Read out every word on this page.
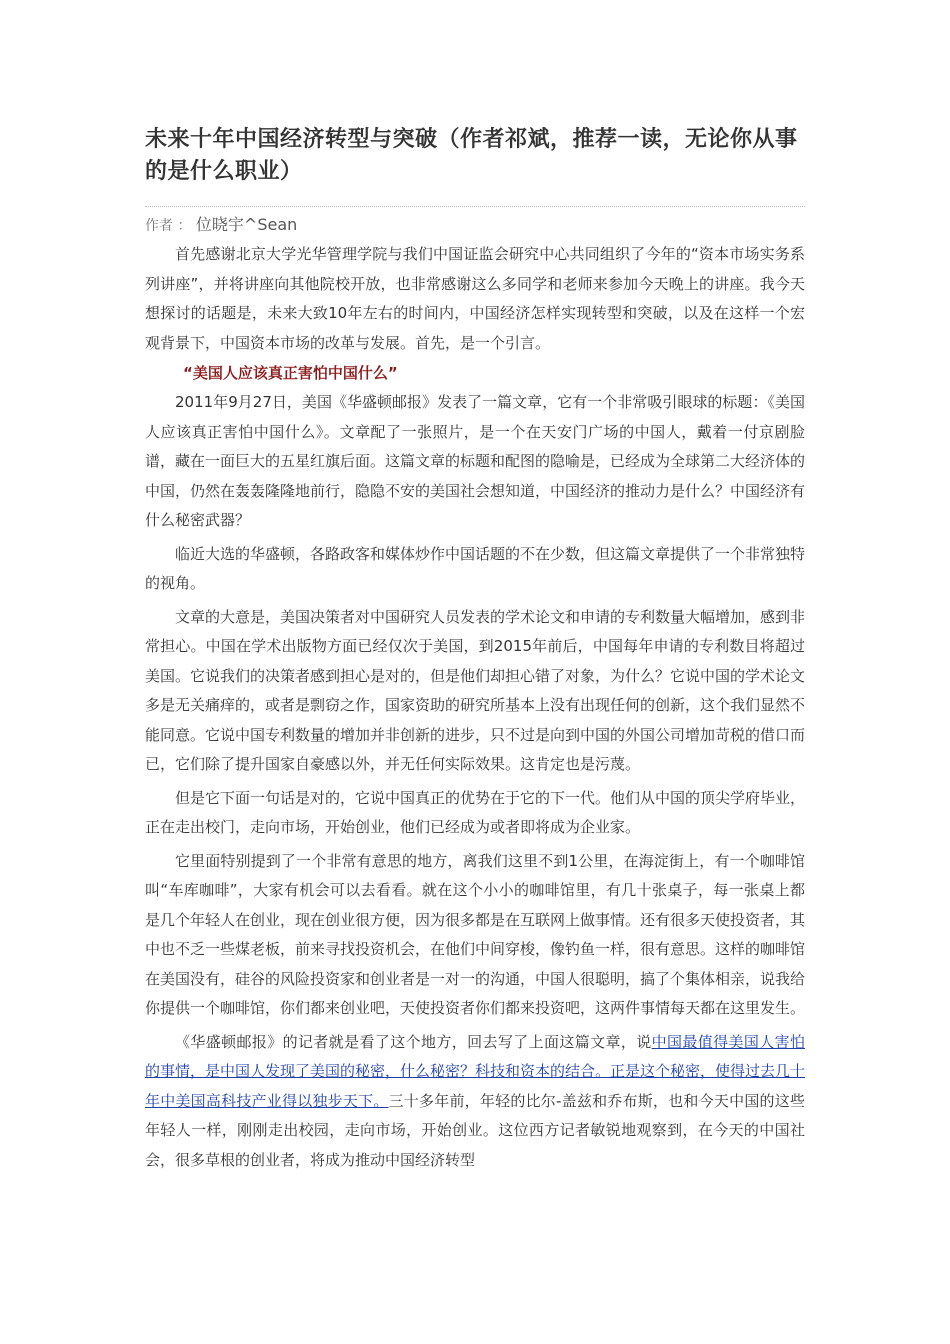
未来十年中国经济转型与突破（作者祁斌，推荐一读，无论你从事的是什么职业）
作者 ： 位晓宇^Sean

首先感谢北京大学光华管理学院与我们中国证监会研究中心共同组织了今年的“资本市场实务系列讲座”，并将讲座向其他院校开放，也非常感谢这么多同学和老师来参加今天晚上的讲座。我今天想探讨的话题是，未来大致10年左右的时间内，中国经济怎样实现转型和突破，以及在这样一个宏观背景下，中国资本市场的改革与发展。首先，是一个引言。

“美国人应该真正害怕中国什么”

2011年9月27日，美国《华盛顿邮报》发表了一篇文章，它有一个非常吸引眼球的标题：《美国人应该真正害怕中国什么》。文章配了一张照片，是一个在天安门广场的中国人，戴着一付京剧脸谱，藏在一面巨大的五星红旗后面。这篇文章的标题和配图的隐喻是，已经成为全球第二大经济体的中国，仍然在轰轰隆隆地前行，隐隐不安的美国社会想知道，中国经济的推动力是什么？中国经济有什么秘密武器？

临近大选的华盛顿，各路政客和媒体炒作中国话题的不在少数，但这篇文章提供了一个非常独特的视角。

文章的大意是，美国决策者对中国研究人员发表的学术论文和申请的专利数量大幅增加，感到非常担心。中国在学术出版物方面已经仅次于美国，到2015年前后，中国每年申请的专利数目将超过美国。它说我们的决策者感到担心是对的，但是他们却担心错了对象，为什么？它说中国的学术论文多是无关痛痒的，或者是剽窃之作，国家资助的研究所基本上没有出现任何的创新，这个我们显然不能同意。它说中国专利数量的增加并非创新的进步，只不过是向到中国的外国公司增加苛税的借口而已，它们除了提升国家自豪感以外，并无任何实际效果。这肯定也是污蔑。

但是它下面一句话是对的，它说中国真正的优势在于它的下一代。他们从中国的顶尖学府毕业，正在走出校门，走向市场，开始创业，他们已经成为或者即将成为企业家。

它里面特别提到了一个非常有意思的地方，离我们这里不到1公里，在海淀街上，有一个咖啡馆叫“车库咖啡”，大家有机会可以去看看。就在这个小小的咖啡馆里，有几十张桌子，每一张桌上都是几个年轻人在创业，现在创业很方便，因为很多都是在互联网上做事情。还有很多天使投资者，其中也不乏一些煤老板，前来寻找投资机会，在他们中间穿梭，像钓鱼一样，很有意思。这样的咖啡馆在美国没有，硅谷的风险投资家和创业者是一对一的沟通，中国人很聪明，搞了个集体相亲，说我给你提供一个咖啡馆，你们都来创业吧，天使投资者你们都来投资吧，这两件事情每天都在这里发生。

《华盛顿邮报》的记者就是看了这个地方，回去写了上面这篇文章，说中国最值得美国人害怕的事情，是中国人发现了美国的秘密，什么秘密？科技和资本的结合。正是这个秘密，使得过去几十年中美国高科技产业得以独步天下。三十多年前，年轻的比尔-盖兹和乔布斯，也和今天中国的这些年轻人一样，刚刚走出校园，走向市场，开始创业。这位西方记者敏锐地观察到，在今天的中国社会，很多草根的创业者，将成为推动中国经济转型
